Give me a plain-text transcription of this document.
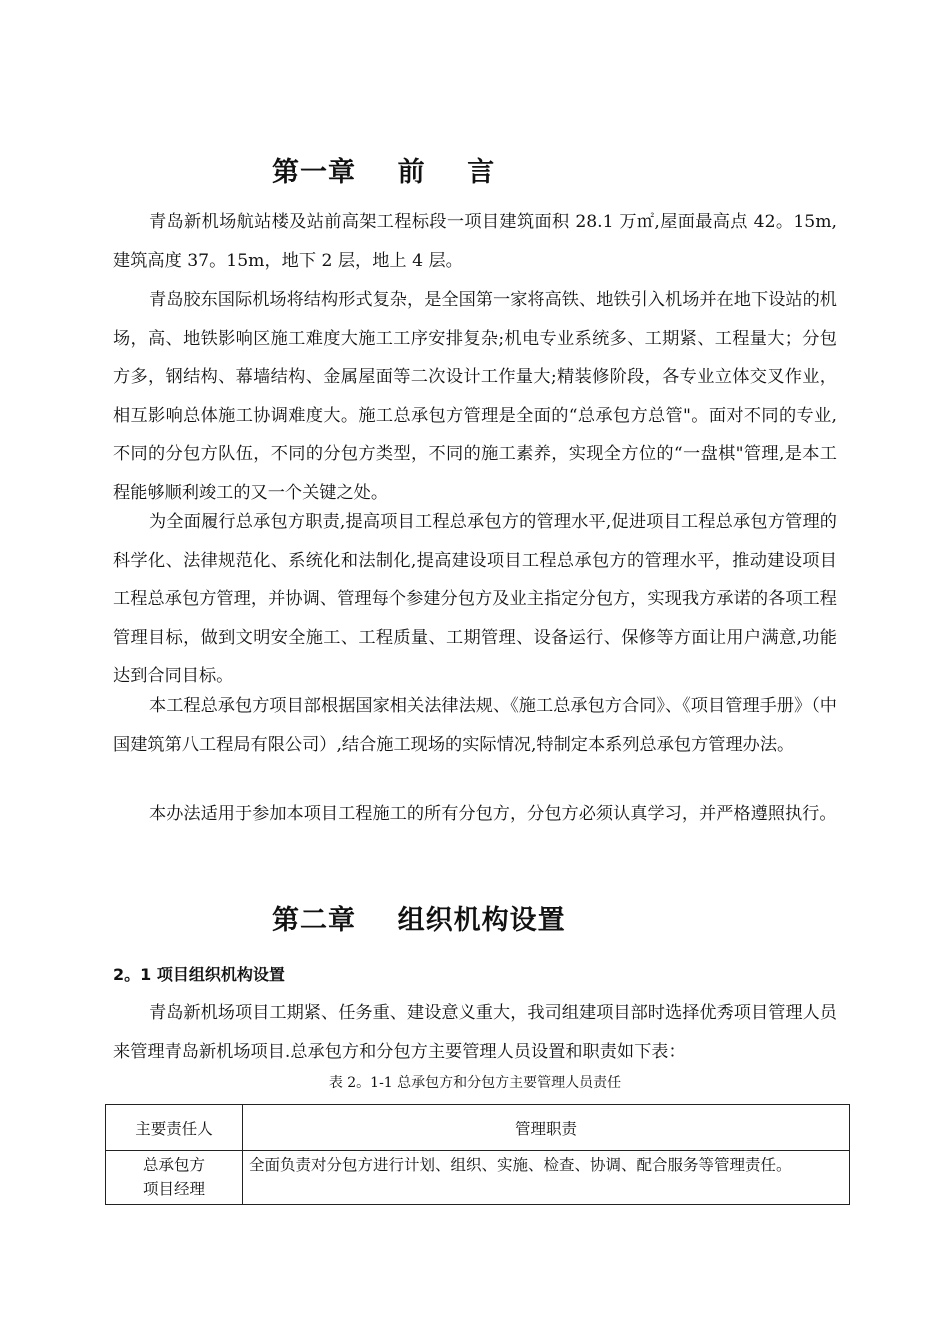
第一章    前    言

青岛新机场航站楼及站前高架工程标段一项目建筑面积 28.1 万㎡,屋面最高点 42。15m,建筑高度 37。15m，地下 2 层，地上 4 层。

青岛胶东国际机场将结构形式复杂，是全国第一家将高铁、地铁引入机场并在地下设站的机场，高、地铁影响区施工难度大施工工序安排复杂;机电专业系统多、工期紧、工程量大；分包方多，钢结构、幕墙结构、金属屋面等二次设计工作量大;精装修阶段，各专业立体交叉作业，相互影响总体施工协调难度大。施工总承包方管理是全面的“总承包方总管"。面对不同的专业,不同的分包方队伍，不同的分包方类型，不同的施工素养，实现全方位的“一盘棋"管理,是本工程能够顺利竣工的又一个关键之处。

为全面履行总承包方职责,提高项目工程总承包方的管理水平,促进项目工程总承包方管理的科学化、法律规范化、系统化和法制化,提高建设项目工程总承包方的管理水平，推动建设项目工程总承包方管理，并协调、管理每个参建分包方及业主指定分包方，实现我方承诺的各项工程管理目标，做到文明安全施工、工程质量、工期管理、设备运行、保修等方面让用户满意,功能达到合同目标。

本工程总承包方项目部根据国家相关法律法规、《施工总承包方合同》、《项目管理手册》（中国建筑第八工程局有限公司）,结合施工现场的实际情况,特制定本系列总承包方管理办法。

本办法适用于参加本项目工程施工的所有分包方，分包方必须认真学习，并严格遵照执行。

第二章    组织机构设置
2。1 项目组织机构设置

青岛新机场项目工期紧、任务重、建设意义重大，我司组建项目部时选择优秀项目管理人员来管理青岛新机场项目.总承包方和分包方主要管理人员设置和职责如下表：

表 2。1-1 总承包方和分包方主要管理人员责任
主要责任人	管理职责

总承包方
项目经理	全面负责对分包方进行计划、组织、实施、检查、协调、配合服务等管理责任。
